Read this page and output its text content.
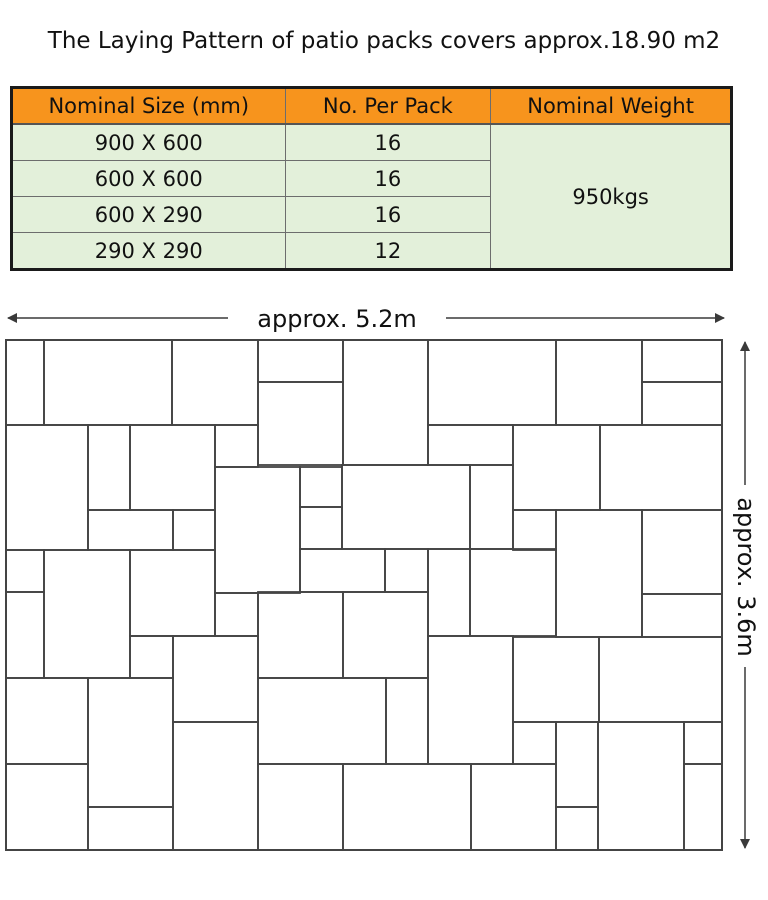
The Laying Pattern of patio packs covers approx.18.90 m2
Nominal Size (mm)	No. Per Pack	Nominal Weight
900 X 600	16	950kgs
600 X 600	16	
600 X 290	16	
290 X 290	12	
approx. 5.2m
approx. 3.6m
